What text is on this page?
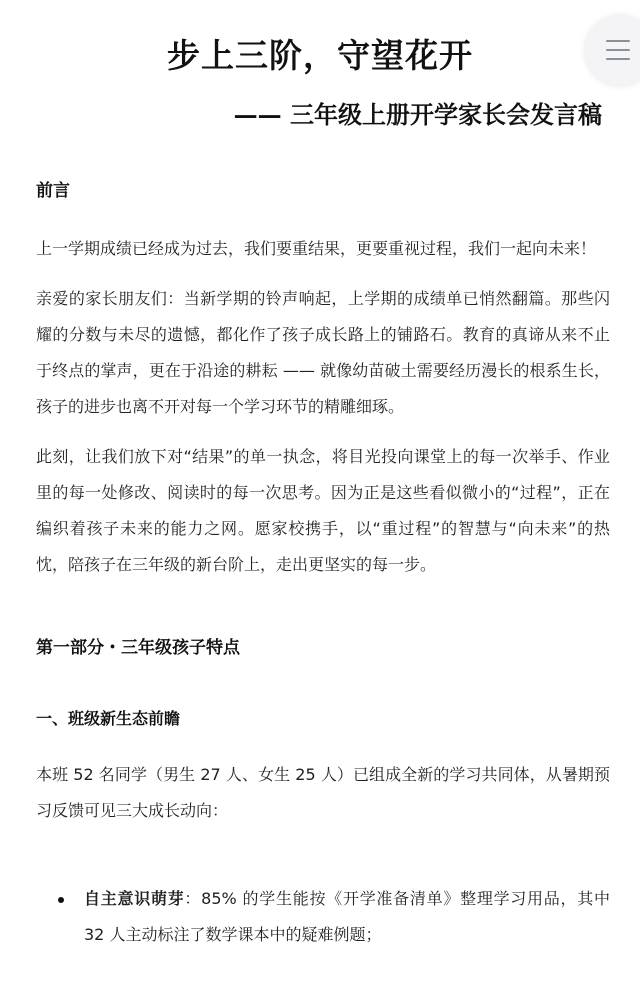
步上三阶，守望花开
—— 三年级上册开学家长会发言稿

前言

上一学期成绩已经成为过去，我们要重结果，更要重视过程，我们一起向未来！

亲爱的家长朋友们：当新学期的铃声响起，上学期的成绩单已悄然翻篇。那些闪耀的分数与未尽的遗憾，都化作了孩子成长路上的铺路石。教育的真谛从来不止于终点的掌声，更在于沿途的耕耘 —— 就像幼苗破土需要经历漫长的根系生长，孩子的进步也离不开对每一个学习环节的精雕细琢。

此刻，让我们放下对“结果”的单一执念，将目光投向课堂上的每一次举手、作业里的每一处修改、阅读时的每一次思考。因为正是这些看似微小的“过程”，正在编织着孩子未来的能力之网。愿家校携手，以“重过程”的智慧与“向未来”的热忱，陪孩子在三年级的新台阶上，走出更坚实的每一步。

第一部分・三年级孩子特点

一、班级新生态前瞻

本班 52 名同学（男生 27 人、女生 25 人）已组成全新的学习共同体，从暑期预习反馈可见三大成长动向：

自主意识萌芽：85% 的学生能按《开学准备清单》整理学习用品，其中 32 人主动标注了数学课本中的疑难例题；
